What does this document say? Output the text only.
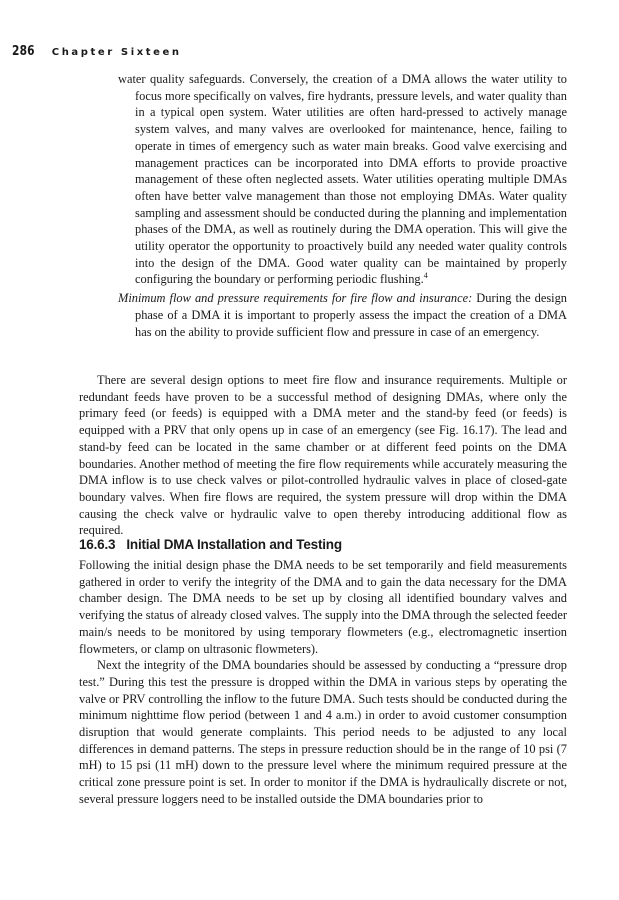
286 Chapter Sixteen

water quality safeguards. Conversely, the creation of a DMA allows the water utility to focus more specifically on valves, fire hydrants, pressure levels, and water quality than in a typical open system. Water utilities are often hard-pressed to actively manage system valves, and many valves are overlooked for maintenance, hence, failing to operate in times of emergency such as water main breaks. Good valve exercising and management practices can be incorporated into DMA efforts to provide proactive management of these often neglected assets. Water utilities operating multiple DMAs often have better valve management than those not employing DMAs. Water quality sampling and assessment should be conducted during the planning and implementation phases of the DMA, as well as routinely during the DMA operation. This will give the utility operator the opportunity to proactively build any needed water quality controls into the design of the DMA. Good water quality can be maintained by properly configuring the boundary or performing periodic flushing.$^4$

Minimum flow and pressure requirements for fire flow and insurance: During the design phase of a DMA it is important to properly assess the impact the creation of a DMA has on the ability to provide sufficient flow and pressure in case of an emergency.

There are several design options to meet fire flow and insurance requirements. Multiple or redundant feeds have proven to be a successful method of designing DMAs, where only the primary feed (or feeds) is equipped with a DMA meter and the stand-by feed (or feeds) is equipped with a PRV that only opens up in case of an emergency (see Fig. 16.17). The lead and stand-by feed can be located in the same chamber or at different feed points on the DMA boundaries. Another method of meeting the fire flow requirements while accurately measuring the DMA inflow is to use check valves or pilot-controlled hydraulic valves in place of closed-gate boundary valves. When fire flows are required, the system pressure will drop within the DMA causing the check valve or hydraulic valve to open thereby introducing additional flow as required.

16.6.3 Initial DMA Installation and Testing

Following the initial design phase the DMA needs to be set temporarily and field measurements gathered in order to verify the integrity of the DMA and to gain the data necessary for the DMA chamber design. The DMA needs to be set up by closing all identified boundary valves and verifying the status of already closed valves. The supply into the DMA through the selected feeder main/s needs to be monitored by using temporary flowmeters (e.g., electromagnetic insertion flowmeters, or clamp on ultrasonic flowmeters).

Next the integrity of the DMA boundaries should be assessed by conducting a “pressure drop test.” During this test the pressure is dropped within the DMA in various steps by operating the valve or PRV controlling the inflow to the future DMA. Such tests should be conducted during the minimum nighttime flow period (between 1 and 4 a.m.) in order to avoid customer consumption disruption that would generate complaints. This period needs to be adjusted to any local differences in demand patterns. The steps in pressure reduction should be in the range of 10 psi (7 mH) to 15 psi (11 mH) down to the pressure level where the minimum required pressure at the critical zone pressure point is set. In order to monitor if the DMA is hydraulically discrete or not, several pressure loggers need to be installed outside the DMA boundaries prior to
